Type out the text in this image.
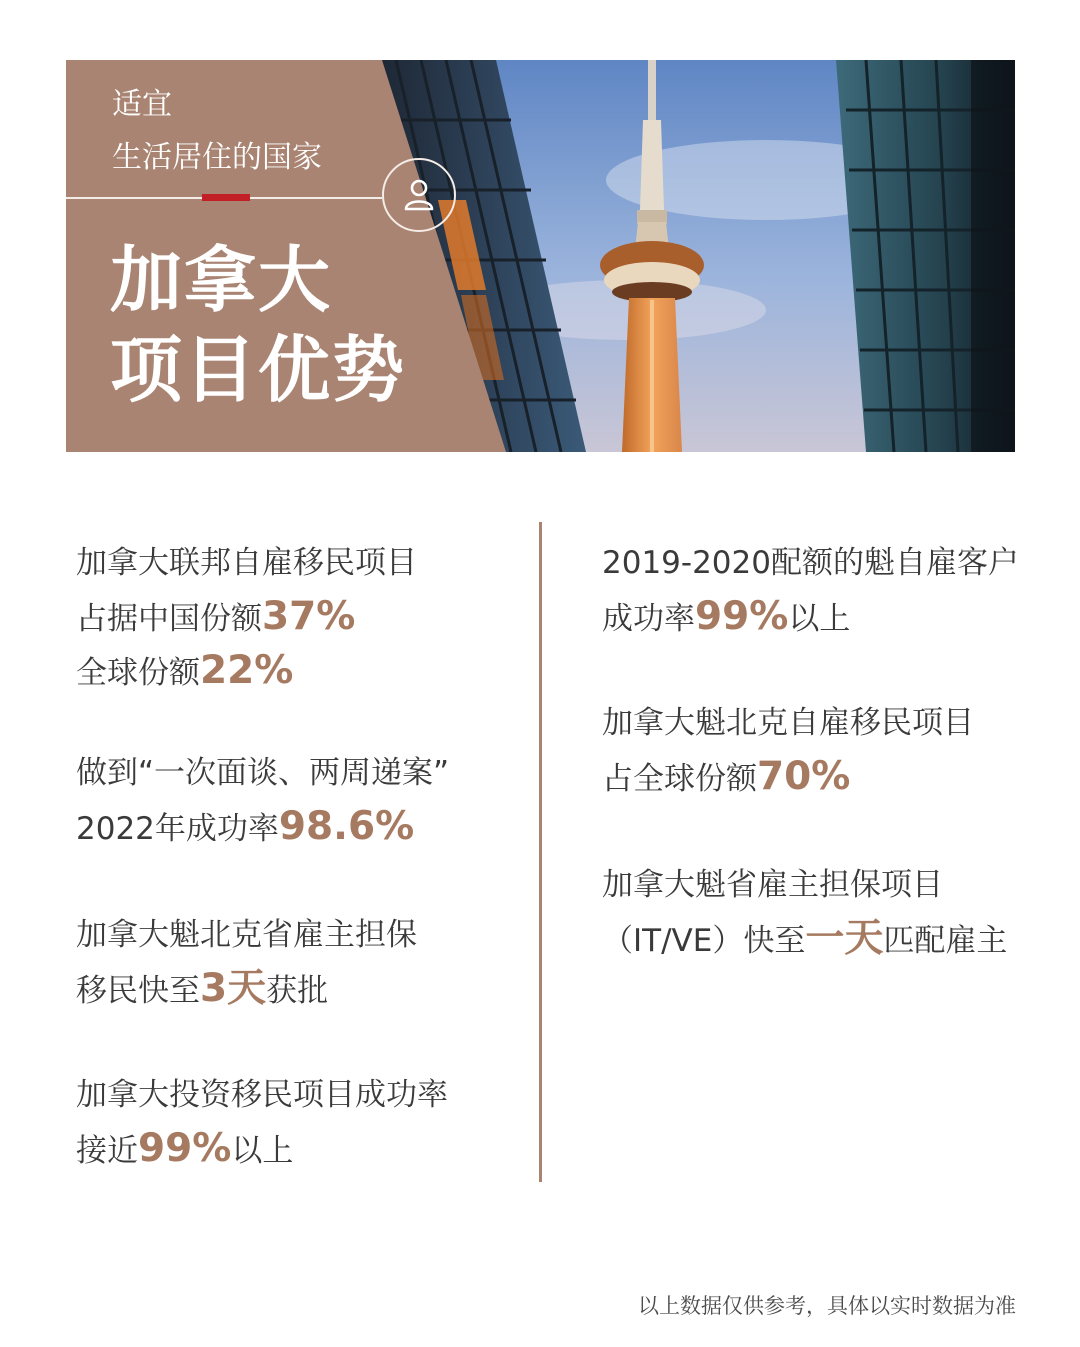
适宜
生活居住的国家
加拿大
项目优势
加拿大联邦自雇移民项目
占据中国份额37%
全球份额22%
做到“一次面谈、两周递案”
2022年成功率98.6%
加拿大魁北克省雇主担保
移民快至3天获批
加拿大投资移民项目成功率
接近99%以上
2019-2020配额的魁自雇客户
成功率99%以上
加拿大魁北克自雇移民项目
占全球份额70%
加拿大魁省雇主担保项目
（IT/VE）快至一天匹配雇主
以上数据仅供参考，具体以实时数据为准
